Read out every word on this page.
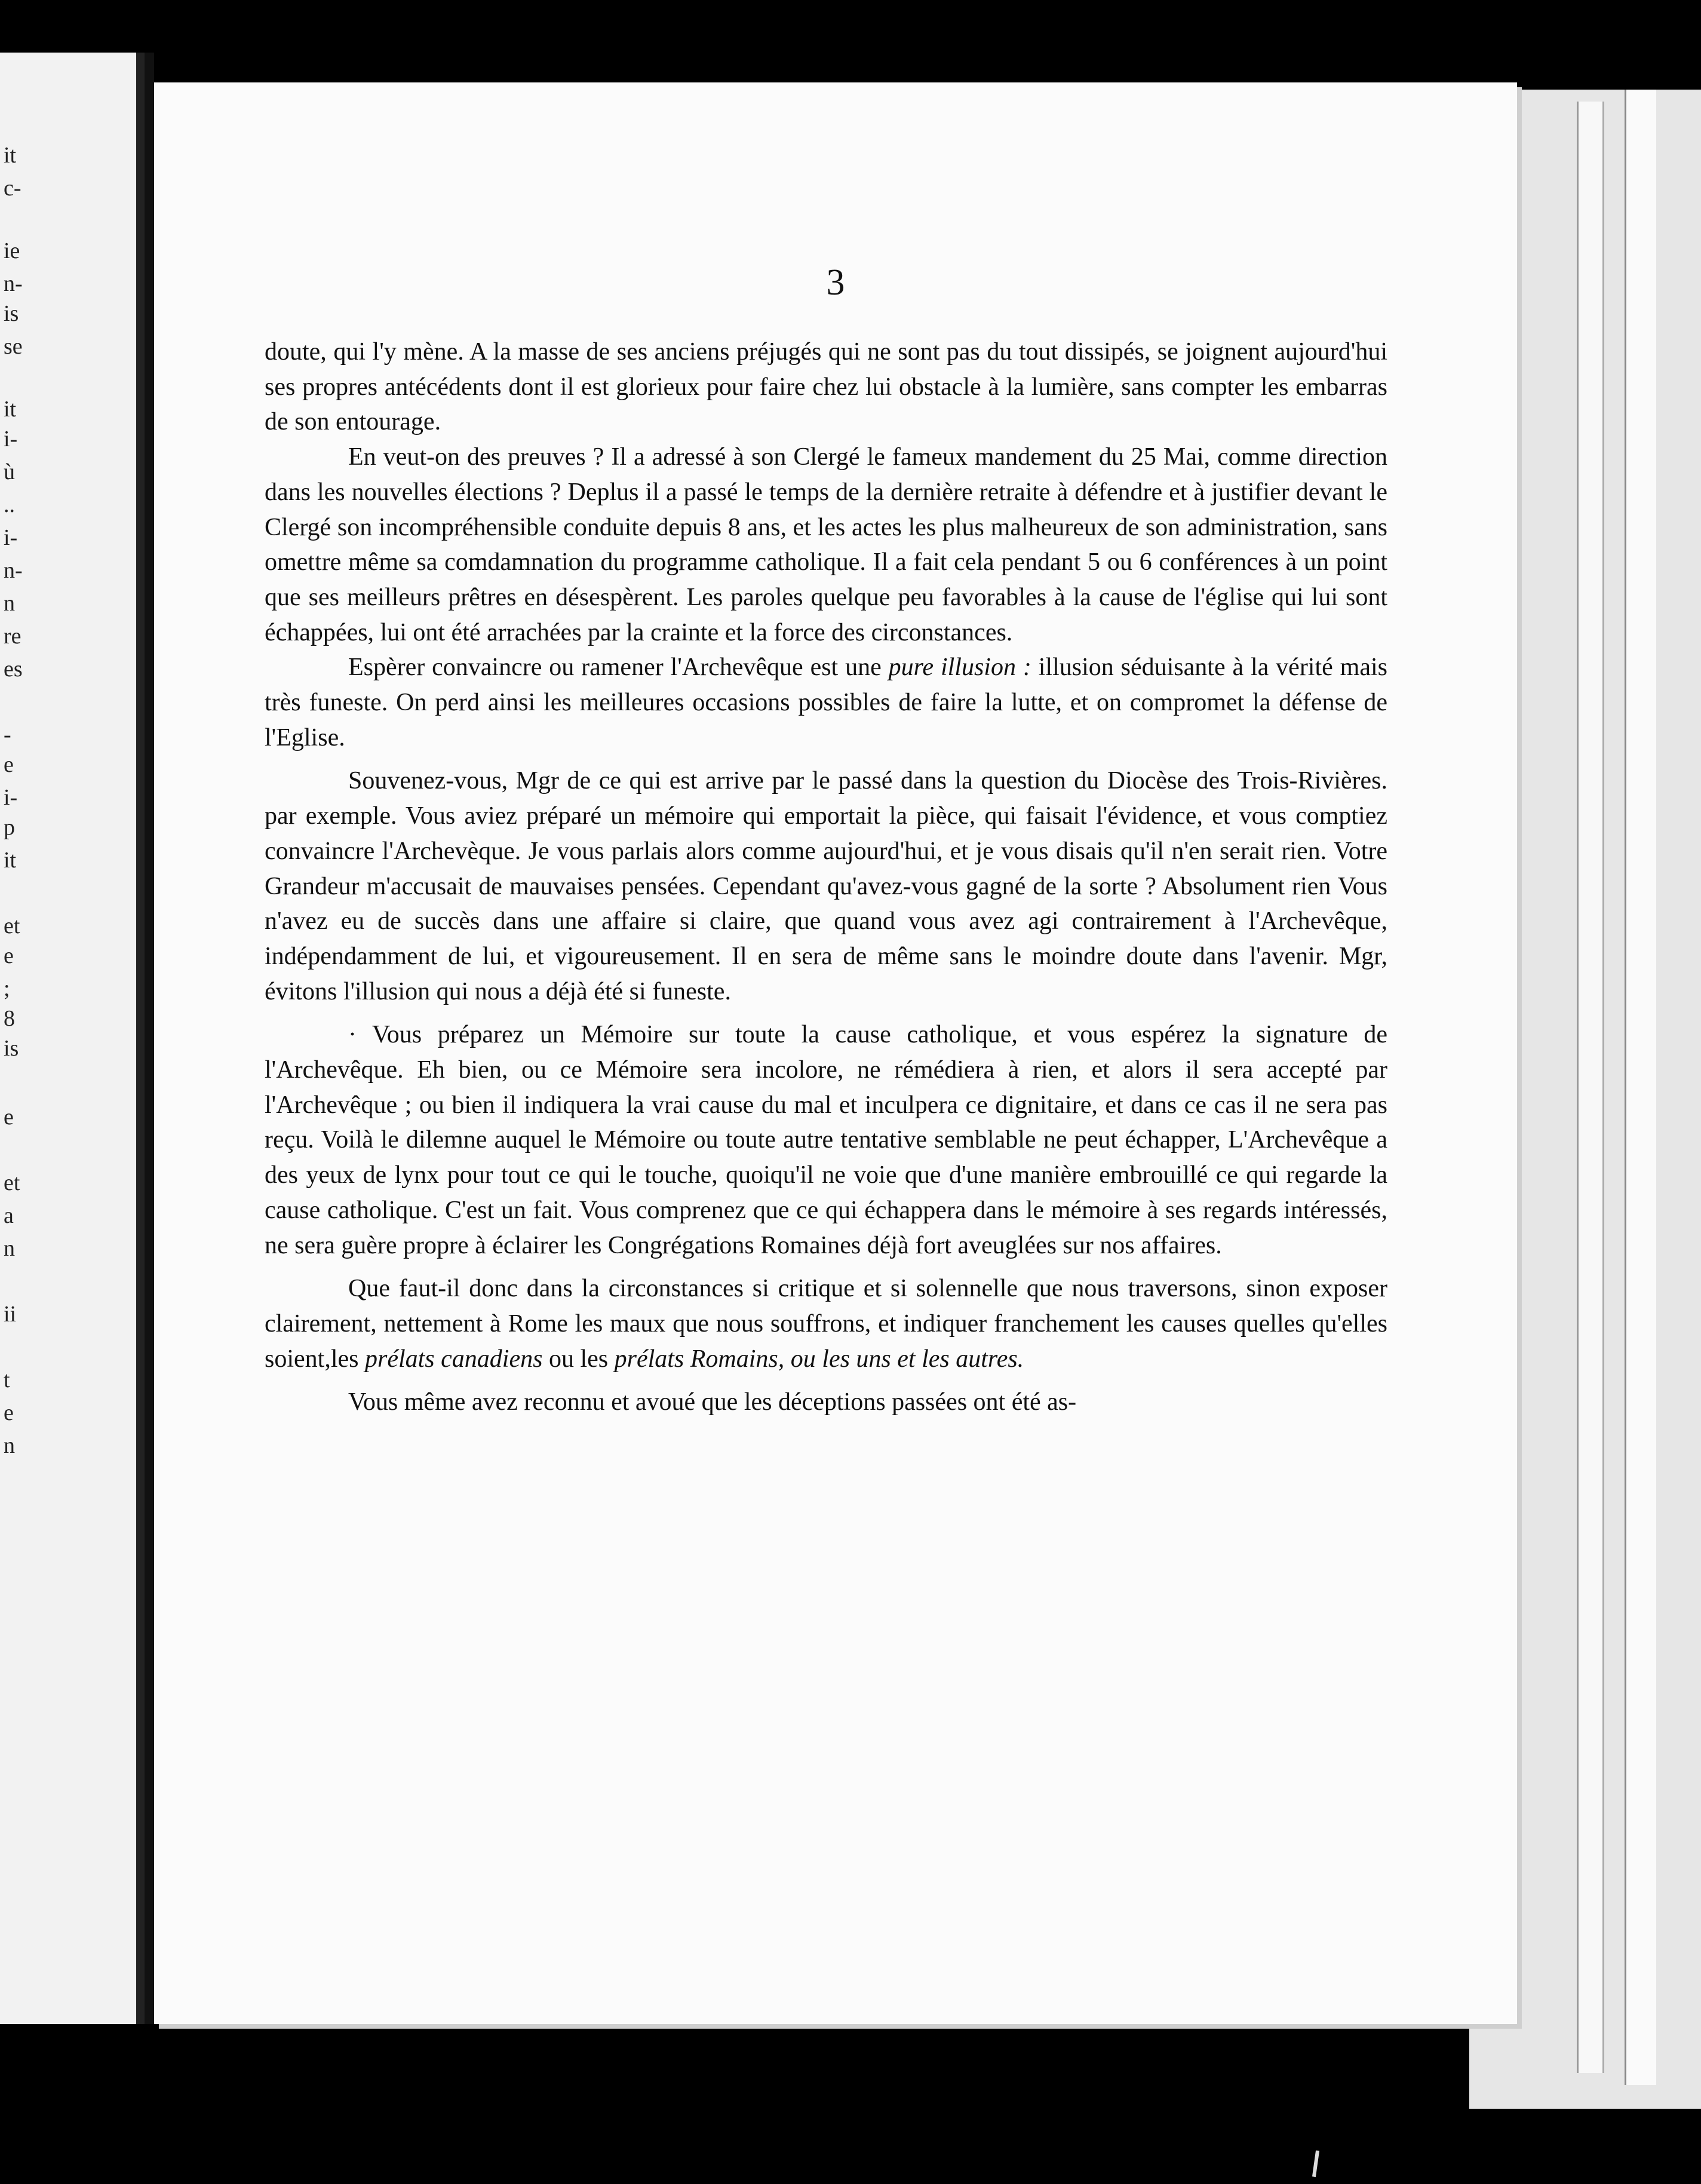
it
c-
ie
n-
is
se
it
i-
ù
..
i-
n-
n
re
es
-
e
i-
p
it
et
e
;
8
is
e
et
a
n
ii
t
e
n
3

doute, qui l'y mène. A la masse de ses anciens préjugés qui ne sont pas du tout dissipés, se joignent aujourd'hui ses propres antécédents dont il est glorieux pour faire chez lui obstacle à la lumière, sans compter les embarras de son entourage.

En veut-on des preuves ? Il a adressé à son Clergé le fameux mandement du 25 Mai, comme direction dans les nouvelles élections ? Deplus il a passé le temps de la dernière retraite à défendre et à justifier devant le Clergé son incompréhensible conduite depuis 8 ans, et les actes les plus malheureux de son administration, sans omettre même sa comdamnation du programme catholique. Il a fait cela pendant 5 ou 6 conférences à un point que ses meilleurs prêtres en désespèrent. Les paroles quelque peu favorables à la cause de l'église qui lui sont échappées, lui ont été arrachées par la crainte et la force des circonstances.

Espèrer convaincre ou ramener l'Archevêque est une pure illusion : illusion séduisante à la vérité mais très funeste. On perd ainsi les meilleures occasions possibles de faire la lutte, et on compromet la défense de l'Eglise.

Souvenez-vous, Mgr de ce qui est arrive par le passé dans la question du Diocèse des Trois-Rivières. par exemple. Vous aviez préparé un mémoire qui emportait la pièce, qui faisait l'évidence, et vous comptiez convaincre l'Archevèque. Je vous parlais alors comme aujourd'hui, et je vous disais qu'il n'en serait rien. Votre Grandeur m'accusait de mauvaises pensées. Cependant qu'avez-vous gagné de la sorte ? Absolument rien Vous n'avez eu de succès dans une affaire si claire, que quand vous avez agi contrairement à l'Archevêque, indépendamment de lui, et vigoureusement. Il en sera de même sans le moindre doute dans l'avenir. Mgr, évitons l'illusion qui nous a déjà été si funeste.

· Vous préparez un Mémoire sur toute la cause catholique, et vous espérez la signature de l'Archevêque. Eh bien, ou ce Mémoire sera incolore, ne rémédiera à rien, et alors il sera accepté par l'Archevêque ; ou bien il indiquera la vrai cause du mal et inculpera ce dignitaire, et dans ce cas il ne sera pas reçu. Voilà le dilemne auquel le Mémoire ou toute autre tentative semblable ne peut échapper, L'Archevêque a des yeux de lynx pour tout ce qui le touche, quoiqu'il ne voie que d'une manière embrouillé ce qui regarde la cause catholique. C'est un fait. Vous comprenez que ce qui échappera dans le mémoire à ses regards intéressés, ne sera guère propre à éclairer les Congrégations Romaines déjà fort aveuglées sur nos affaires.

Que faut-il donc dans la circonstances si critique et si solennelle que nous traversons, sinon exposer clairement, nettement à Rome les maux que nous souffrons, et indiquer franchement les causes quelles qu'elles soient,les prélats canadiens ou les prélats Romains, ou les uns et les autres.

Vous même avez reconnu et avoué que les déceptions passées ont été as-
